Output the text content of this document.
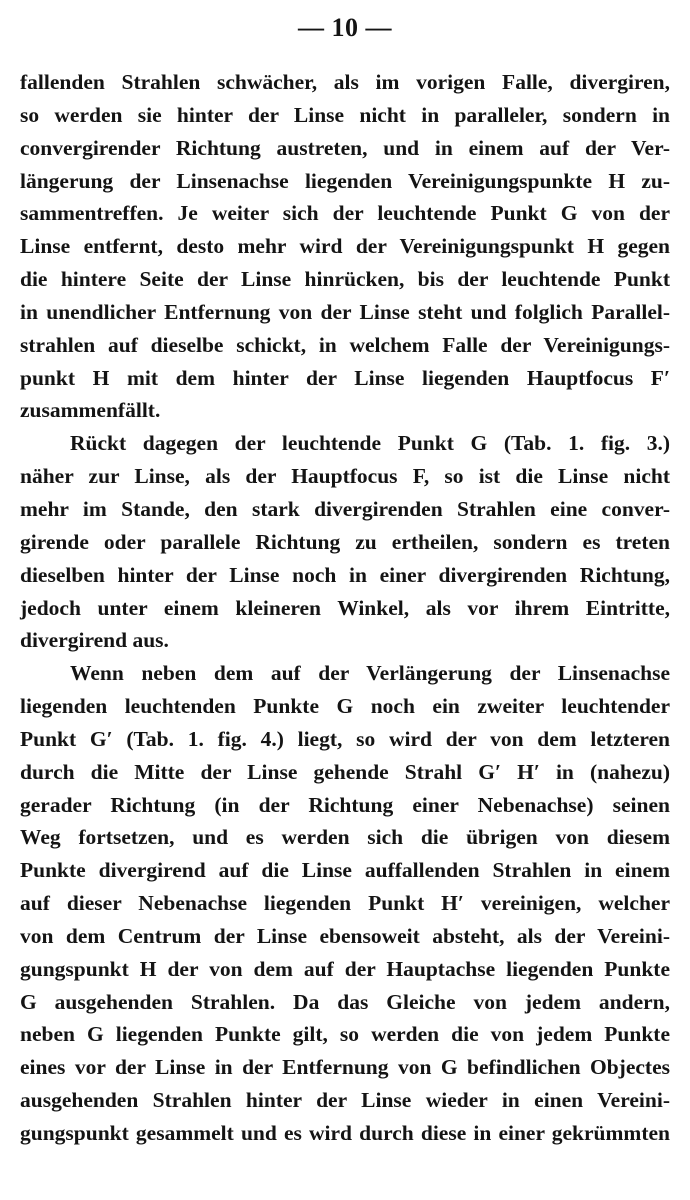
— 10 —
fallenden Strahlen schwächer, als im vorigen Falle, divergiren,
so werden sie hinter der Linse nicht in paralleler, sondern in
convergirender Richtung austreten, und in einem auf der Ver-
längerung der Linsenachse liegenden Vereinigungspunkte H zu-
sammentreffen. Je weiter sich der leuchtende Punkt G von der
Linse entfernt, desto mehr wird der Vereinigungspunkt H gegen
die hintere Seite der Linse hinrücken, bis der leuchtende Punkt
in unendlicher Entfernung von der Linse steht und folglich Parallel-
strahlen auf dieselbe schickt, in welchem Falle der Vereinigungs-
punkt H mit dem hinter der Linse liegenden Hauptfocus F′
zusammenfällt.
Rückt dagegen der leuchtende Punkt G (Tab. 1. fig. 3.)
näher zur Linse, als der Hauptfocus F, so ist die Linse nicht
mehr im Stande, den stark divergirenden Strahlen eine conver-
girende oder parallele Richtung zu ertheilen, sondern es treten
dieselben hinter der Linse noch in einer divergirenden Richtung,
jedoch unter einem kleineren Winkel, als vor ihrem Eintritte,
divergirend aus.
Wenn neben dem auf der Verlängerung der Linsenachse
liegenden leuchtenden Punkte G noch ein zweiter leuchtender
Punkt G′ (Tab. 1. fig. 4.) liegt, so wird der von dem letzteren
durch die Mitte der Linse gehende Strahl G′ H′ in (nahezu)
gerader Richtung (in der Richtung einer Nebenachse) seinen
Weg fortsetzen, und es werden sich die übrigen von diesem
Punkte divergirend auf die Linse auffallenden Strahlen in einem
auf dieser Nebenachse liegenden Punkt H′ vereinigen, welcher
von dem Centrum der Linse ebensoweit absteht, als der Vereini-
gungspunkt H der von dem auf der Hauptachse liegenden Punkte
G ausgehenden Strahlen. Da das Gleiche von jedem andern,
neben G liegenden Punkte gilt, so werden die von jedem Punkte
eines vor der Linse in der Entfernung von G befindlichen Objectes
ausgehenden Strahlen hinter der Linse wieder in einen Vereini-
gungspunkt gesammelt und es wird durch diese in einer gekrümmten
